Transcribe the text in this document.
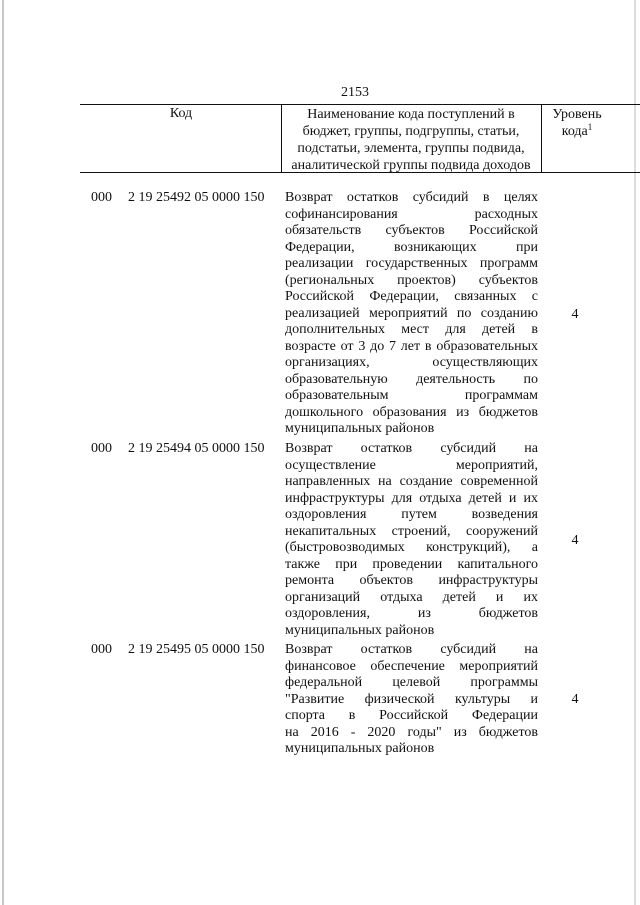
2153
Код	Наименование кода поступлений в
бюджет, группы, подгруппы, статьи,
подстатьи, элемента, группы подвида,
аналитической группы подвида доходов
Уровень
кода$^1$
000 2 19 25492 05 0000 150 Возврат остатков субсидий в целях
софинансирования расходных
обязательств субъектов Российской
Федерации, возникающих при
реализации государственных программ
(региональных проектов) субъектов
Российской Федерации, связанных с
реализацией мероприятий по созданию
дополнительных мест для детей в
возрасте от 3 до 7 лет в образовательных
организациях, осуществляющих
образовательную деятельность по
образовательным программам
дошкольного образования из бюджетов
муниципальных районов
4
000 2 19 25494 05 0000 150 Возврат остатков субсидий на
осуществление мероприятий,
направленных на создание современной
инфраструктуры для отдыха детей и их
оздоровления путем возведения
некапитальных строений, сооружений
(быстровозводимых конструкций), а
также при проведении капитального
ремонта объектов инфраструктуры
организаций отдыха детей и их
оздоровления, из бюджетов
муниципальных районов
4
000 2 19 25495 05 0000 150 Возврат остатков субсидий на
финансовое обеспечение мероприятий
федеральной целевой программы
"Развитие физической культуры и
спорта в Российской Федерации
на 2016 - 2020 годы" из бюджетов
муниципальных районов
4
